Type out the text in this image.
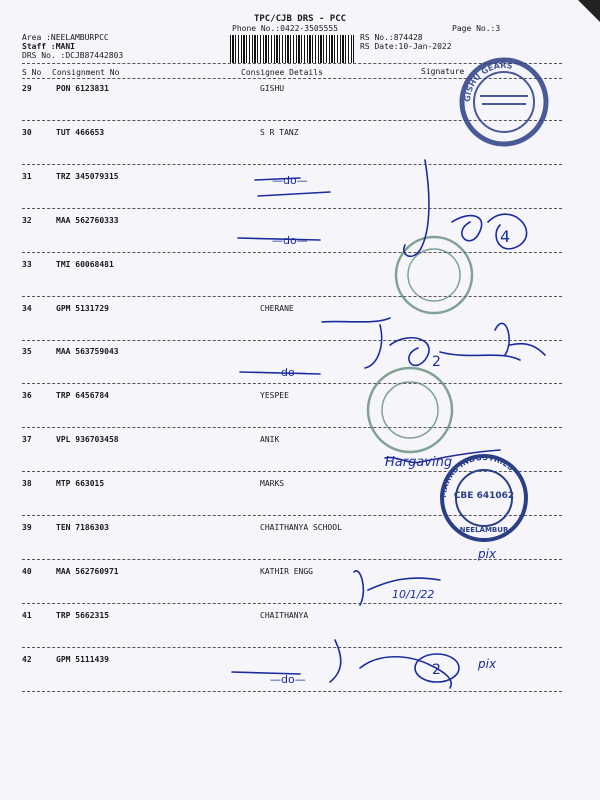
TPC/CJB DRS - PCC
Phone No.:0422-3505555	Page No.:3
Area :NEELAMBURPCC
Staff :MANI
DRS No. :DCJB87442803
RS No.:874428
RS Date:10-Jan-2022
S No Consignment No	Consignee Details	Signature
29	PON 6123831	GISHU
30	TUT 466653	S R TANZ
31	TRZ 345079315
32	MAA 562760333
33	TMI 60068481
34	GPM 5131729	CHERANE
35	MAA 563759043
36	TRP 6456784	YESPEE
37	VPL 936703458	ANIK
38	MTP 663015	MARKS
39	TEN 7186303	CHAITHANYA SCHOOL
40	MAA 562760971	KATHIR ENGG
41	TRP 5662315	CHAITHANYA
42	GPM 5111439
GISHU GEARS
MARKS INDUSTRIES
CBE 641062
NEELAMBUR
—do—
—do—
—do—
—do—
4
2
2
Hargaving
10/1/22
pix
pix
